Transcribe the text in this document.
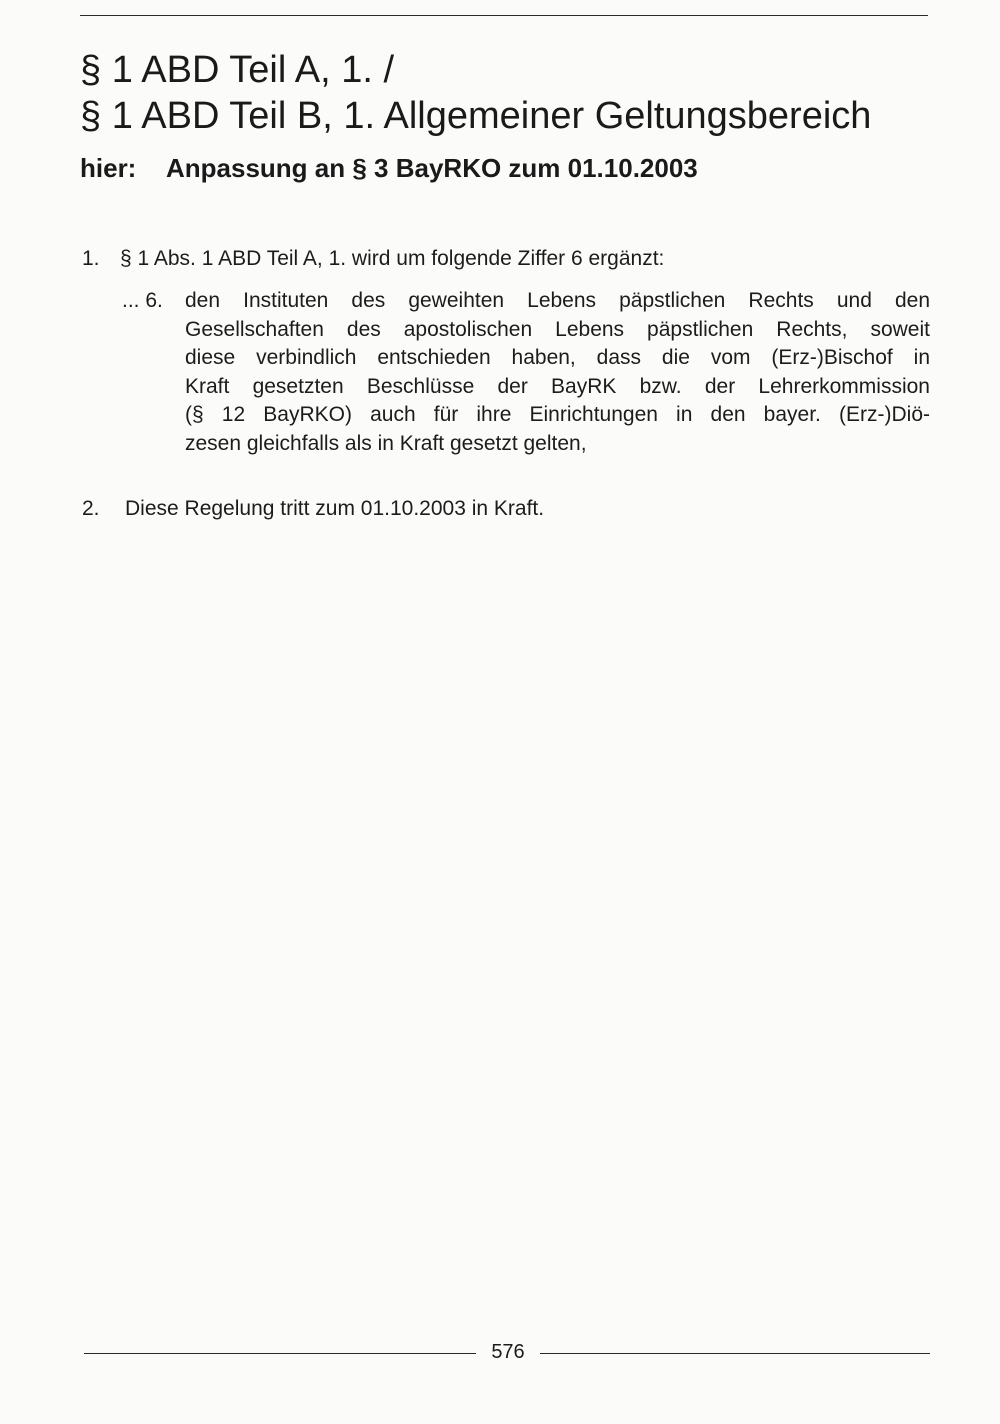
§ 1 ABD Teil A, 1. /
§ 1 ABD Teil B, 1. Allgemeiner Geltungsbereich
hier: Anpassung an § 3 BayRKO zum 01.10.2003
1. § 1 Abs. 1 ABD Teil A, 1. wird um folgende Ziffer 6 ergänzt:
... 6. den Instituten des geweihten Lebens päpstlichen Rechts und den
Gesellschaften des apostolischen Lebens päpstlichen Rechts, soweit
diese verbindlich entschieden haben, dass die vom (Erz-)Bischof in
Kraft gesetzten Beschlüsse der BayRK bzw. der Lehrerkommission
(§ 12 BayRKO) auch für ihre Einrichtungen in den bayer. (Erz-)Diö-
zesen gleichfalls als in Kraft gesetzt gelten,
2. Diese Regelung tritt zum 01.10.2003 in Kraft.
576
